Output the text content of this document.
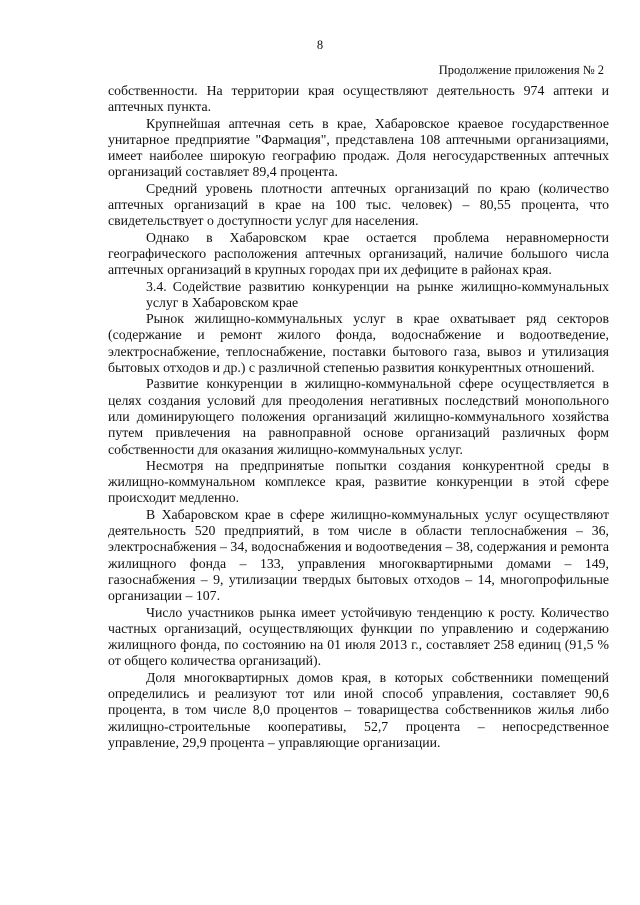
8
Продолжение приложения № 2

собственности. На территории края осуществляют деятельность 974 аптеки и аптечных пункта.

Крупнейшая аптечная сеть в крае, Хабаровское краевое государственное унитарное предприятие "Фармация", представлена 108 аптечными организациями, имеет наиболее широкую географию продаж. Доля негосударственных аптечных организаций составляет 89,4 процента.

Средний уровень плотности аптечных организаций по краю (количество аптечных организаций в крае на 100 тыс. человек) – 80,55 процента, что свидетельствует о доступности услуг для населения.

Однако в Хабаровском крае остается проблема неравномерности географического расположения аптечных организаций, наличие большого числа аптечных организаций в крупных городах при их дефиците в районах края.

3.4. Содействие развитию конкуренции на рынке жилищно-коммунальных услуг в Хабаровском крае

Рынок жилищно-коммунальных услуг в крае охватывает ряд секторов (содержание и ремонт жилого фонда, водоснабжение и водоотведение, электроснабжение, теплоснабжение, поставки бытового газа, вывоз и утилизация бытовых отходов и др.) с различной степенью развития конкурентных отношений.

Развитие конкуренции в жилищно-коммунальной сфере осуществляется в целях создания условий для преодоления негативных последствий монопольного или доминирующего положения организаций жилищно-коммунального хозяйства путем привлечения на равноправной основе организаций различных форм собственности для оказания жилищно-коммунальных услуг.

Несмотря на предпринятые попытки создания конкурентной среды в жилищно-коммунальном комплексе края, развитие конкуренции в этой сфере происходит медленно.

В Хабаровском крае в сфере жилищно-коммунальных услуг осуществляют деятельность 520 предприятий, в том числе в области теплоснабжения – 36, электроснабжения – 34, водоснабжения и водоотведения – 38, содержания и ремонта жилищного фонда – 133, управления многоквартирными домами – 149, газоснабжения – 9, утилизации твердых бытовых отходов – 14, многопрофильные организации – 107.

Число участников рынка имеет устойчивую тенденцию к росту. Количество частных организаций, осуществляющих функции по управлению и содержанию жилищного фонда, по состоянию на 01 июля 2013 г., составляет 258 единиц (91,5 % от общего количества организаций).

Доля многоквартирных домов края, в которых собственники помещений определились и реализуют тот или иной способ управления, составляет 90,6 процента, в том числе 8,0 процентов – товарищества собственников жилья либо жилищно-строительные кооперативы, 52,7 процента – непосредственное управление, 29,9 процента – управляющие организации.
